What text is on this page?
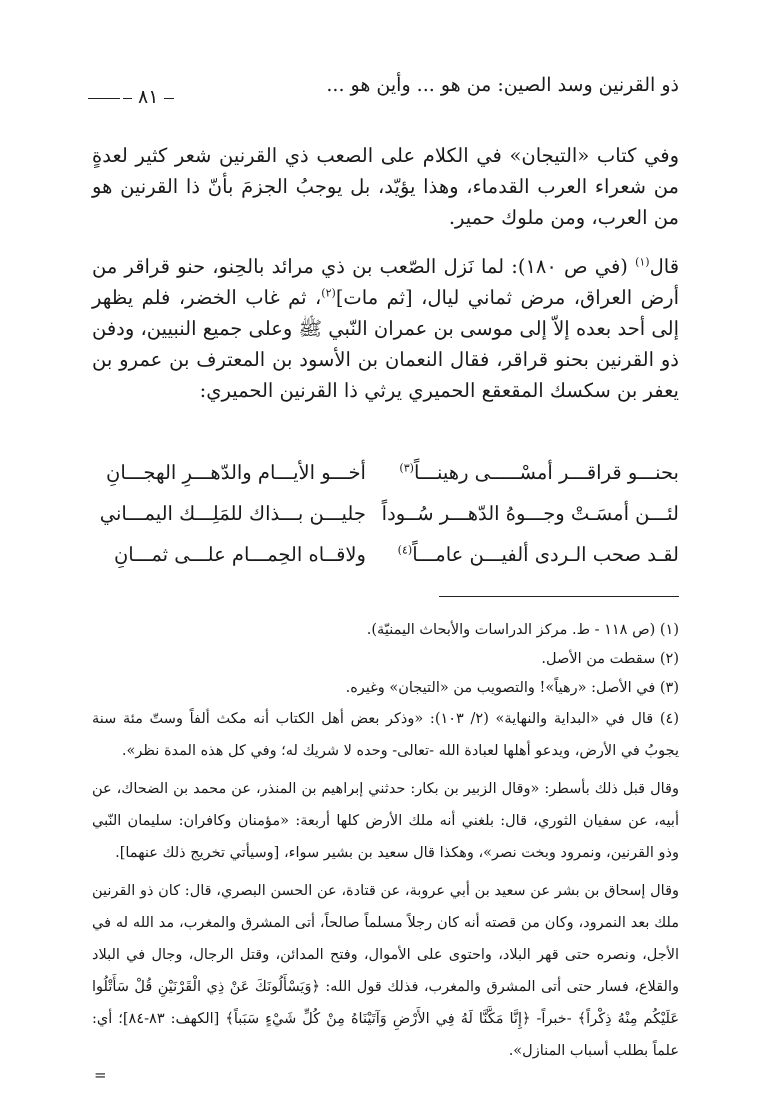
ذو القرنين وسد الصين: من هو ... وأين هو ...
٨١

وفي كتاب «التيجان» في الكلام على الصعب ذي القرنين شعر كثير لعدةٍ من شعراء العرب القدماء، وهذا يؤيّد، بل يوجبُ الجزمَ بأنّ ذا القرنين هو من العرب، ومن ملوك حمير.

قال$^{(١)}$ (في ص ١٨٠): لما نَزل الصّعب بن ذي مرائد بالحِنو، حنو قراقر من أرض العراق، مرض ثماني ليال، [ثم مات]$^{(٢)}$، ثم غاب الخضر، فلم يظهر إلى أحد بعده إلاّ إلى موسى بن عمران النّبي ﷺ وعلى جميع النبيين، ودفن ذو القرنين بحنو قراقر، فقال النعمان بن الأسود بن المعترف بن عمرو بن يعفر بن سكسك المقعقع الحميري يرثي ذا القرنين الحميري:

بحنـــو قراقـــر أمسْـــــى رهينـــاً$^{(٣)}$
أخـــو الأيـــام والدّهـــرِ الهجـــانِ
لئـــن أمسَـتْ وجـــوهُ الدّهـــر سُــوداً
جليـــن بـــذاك للمَلِـــك اليمـــاني
لقـد صحب الـردى ألفيـــن عامـــاً$^{(٤)}$
ولاقــاه الحِمـــام علـــى ثمـــانِ

(١) (ص ١١٨ - ط. مركز الدراسات والأبحاث اليمنيّة).

(٢) سقطت من الأصل.

(٣) في الأصل: «رهياً»! والتصويب من «التيجان» وغيره.

(٤) قال في «البداية والنهاية» (٢/ ١٠٣): «وذكر بعض أهل الكتاب أنه مكث ألفاً وستّ مئة سنة يجوبُ في الأرض، ويدعو أهلها لعبادة الله -تعالى- وحده لا شريك له؛ وفي كل هذه المدة نظر».

وقال قبل ذلك بأسطر: «وقال الزبير بن بكار: حدثني إبراهيم بن المنذر، عن محمد بن الضحاك، عن أبيه، عن سفيان الثوري، قال: بلغني أنه ملك الأرض كلها أربعة: «مؤمنان وكافران: سليمان النّبي وذو القرنين، ونمرود وبخت نصر»، وهكذا قال سعيد بن بشير سواء، [وسيأتي تخريج ذلك عنهما].

وقال إسحاق بن بشر عن سعيد بن أبي عروبة، عن قتادة، عن الحسن البصري، قال: كان ذو القرنين ملك بعد النمرود، وكان من قصته أنه كان رجلاً مسلماً صالحاً، أتى المشرق والمغرب، مد الله له في الأجل، ونصره حتى قهر البلاد، واحتوى على الأموال، وفتح المدائن، وقتل الرجال، وجال في البلاد والقلاع، فسار حتى أتى المشرق والمغرب، فذلك قول الله: ﴿وَيَسْأَلُونَكَ عَنْ ذِي الْقَرْنَيْنِ قُلْ سَأَتْلُوا عَلَيْكُم مِنْهُ ذِكْراً﴾ -خبراً- ﴿إِنَّا مَكَّنَّا لَهُ فِي الأَرْضِ وَآتَيْنَاهُ مِنْ كُلِّ شَيْءٍ سَبَباً﴾ [الكهف: ٨٣-٨٤]؛ أي: علماً بطلب أسباب المنازل».

=
